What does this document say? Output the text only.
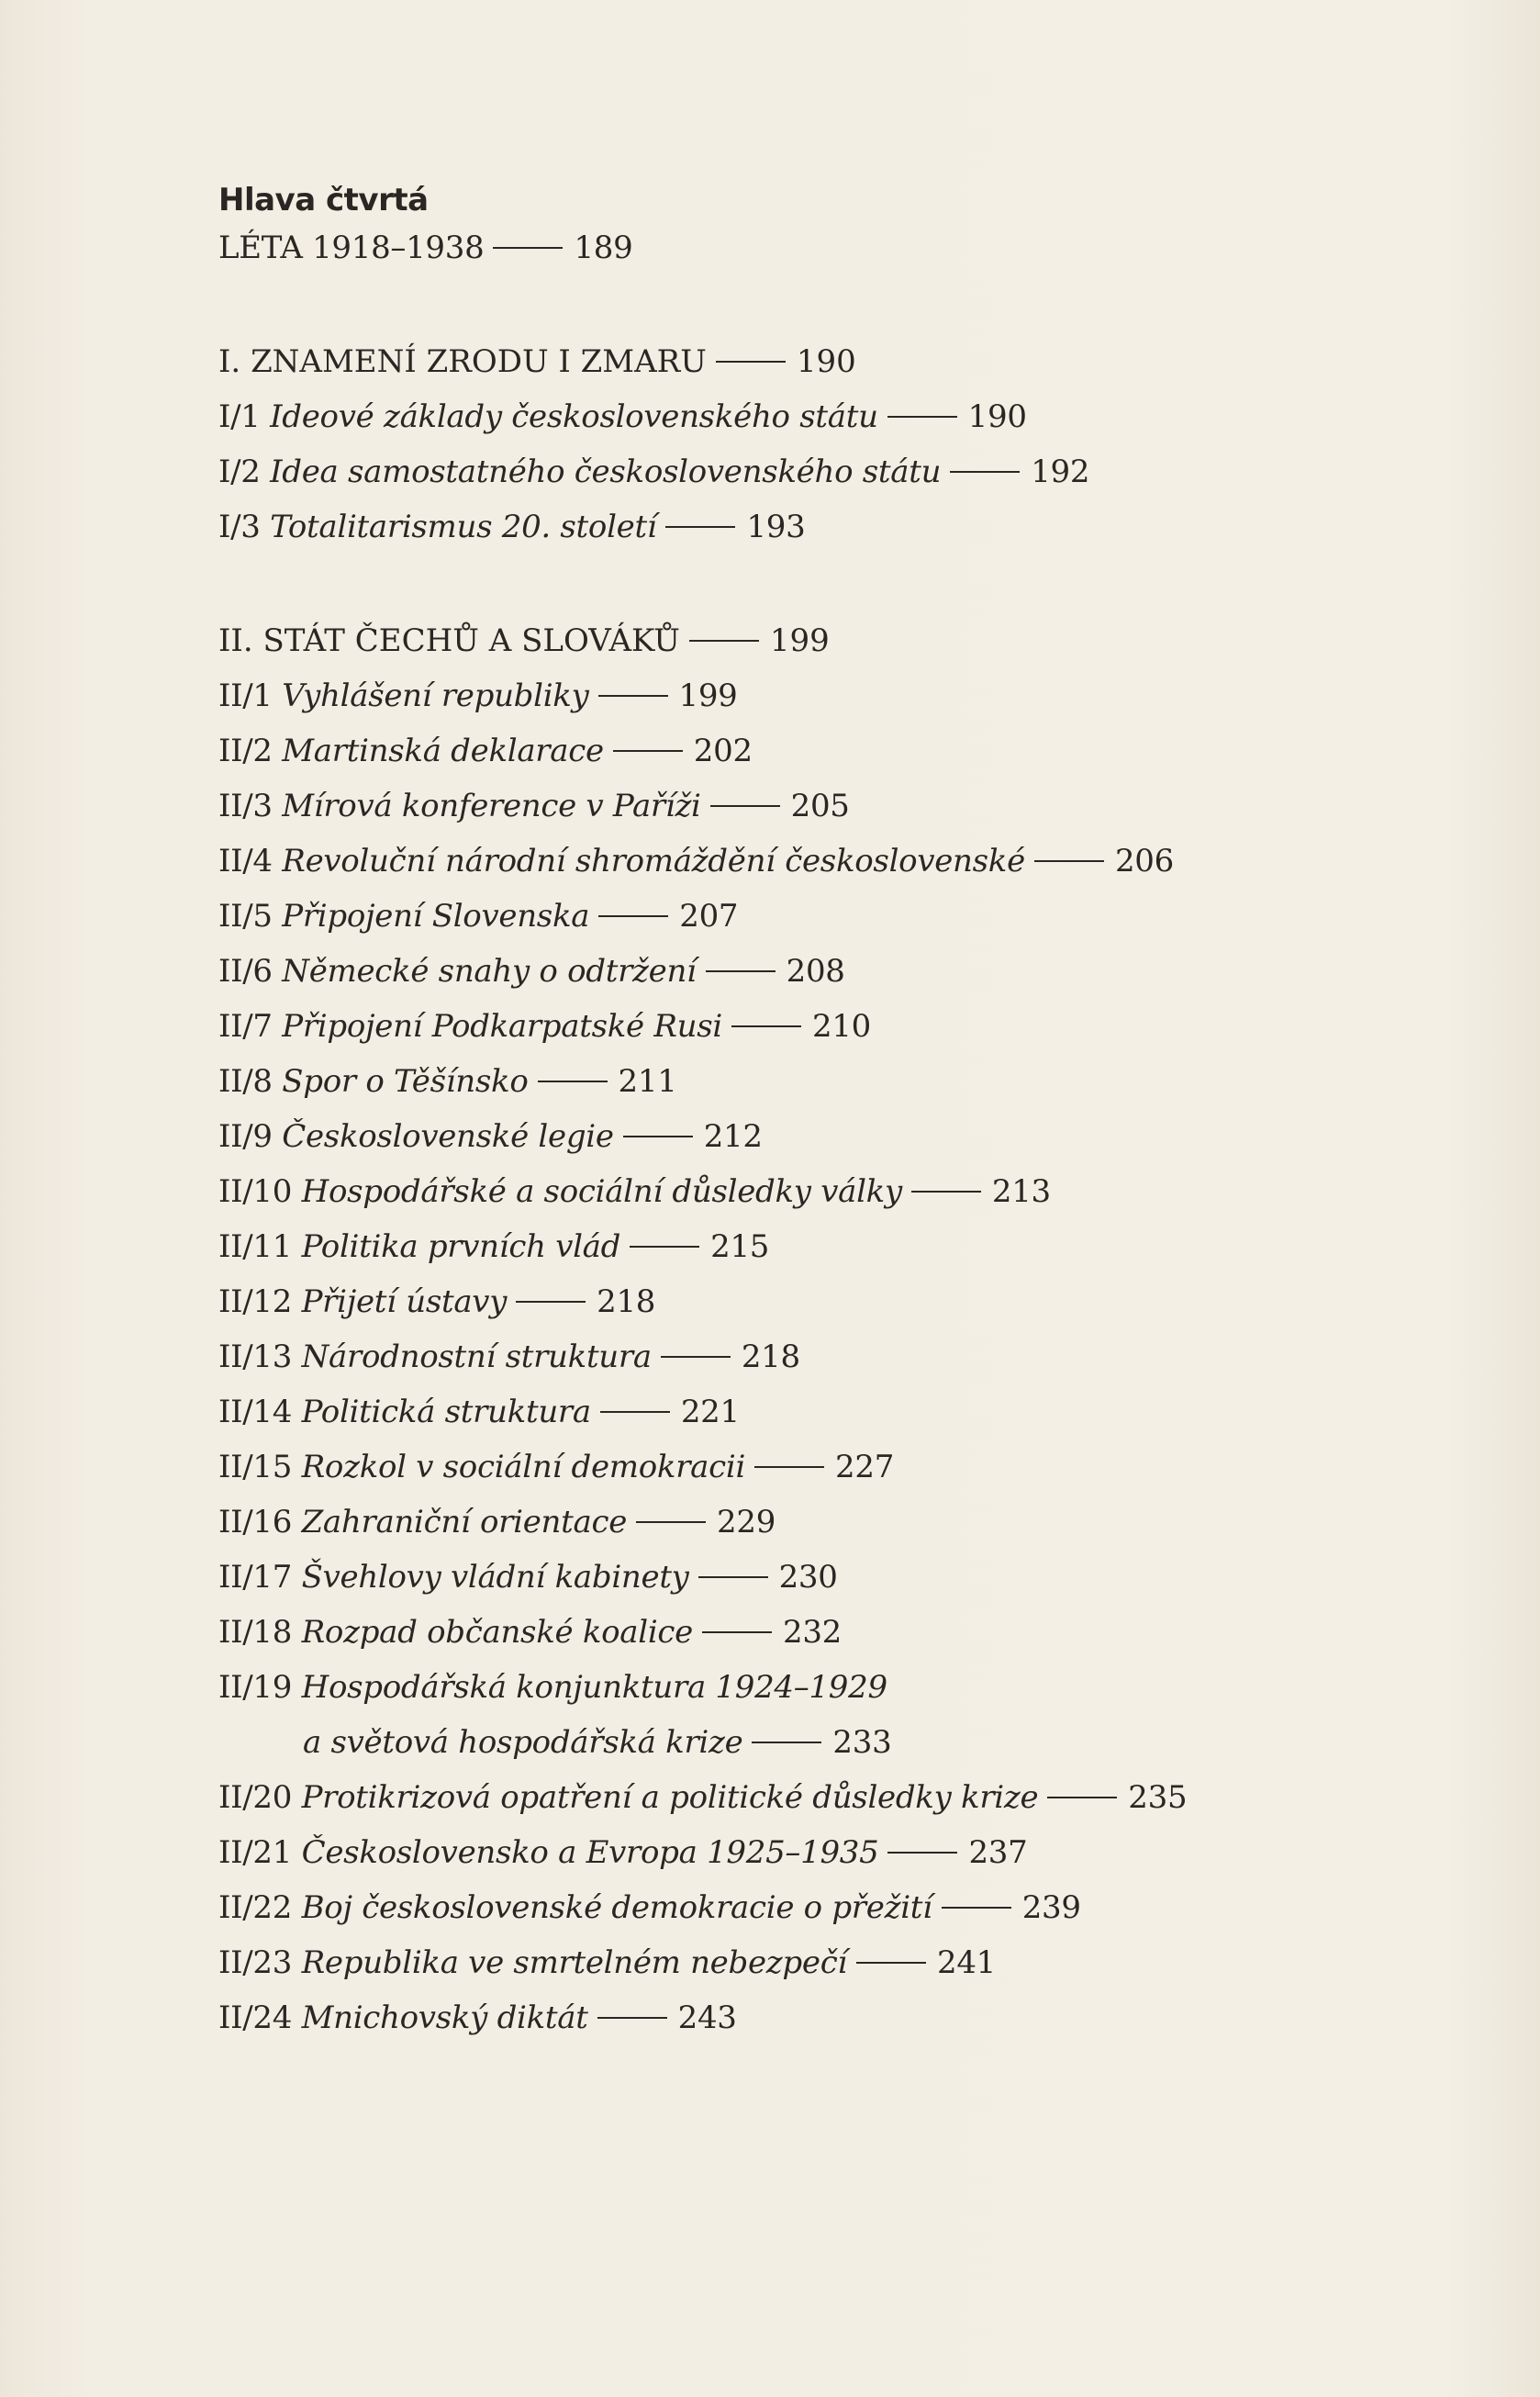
Hlava čtvrtá
LÉTA 1918–1938	189
I. ZNAMENÍ ZRODU I ZMARU	190
I/1 Ideové základy československého státu	190
I/2 Idea samostatného československého státu	192
I/3 Totalitarismus 20. století	193
II. STÁT ČECHŮ A SLOVÁKŮ	199
II/1 Vyhlášení republiky	199
II/2 Martinská deklarace	202
II/3 Mírová konference v Paříži	205
II/4 Revoluční národní shromáždění československé	206
II/5 Připojení Slovenska	207
II/6 Německé snahy o odtržení	208
II/7 Připojení Podkarpatské Rusi	210
II/8 Spor o Těšínsko	211
II/9 Československé legie	212
II/10 Hospodářské a sociální důsledky války	213
II/11 Politika prvních vlád	215
II/12 Přijetí ústavy	218
II/13 Národnostní struktura	218
II/14 Politická struktura	221
II/15 Rozkol v sociální demokracii	227
II/16 Zahraniční orientace	229
II/17 Švehlovy vládní kabinety	230
II/18 Rozpad občanské koalice	232
II/19 Hospodářská konjunktura 1924–1929
a světová hospodářská krize	233
II/20 Protikrizová opatření a politické důsledky krize	235
II/21 Československo a Evropa 1925–1935	237
II/22 Boj československé demokracie o přežití	239
II/23 Republika ve smrtelném nebezpečí	241
II/24 Mnichovský diktát	243
